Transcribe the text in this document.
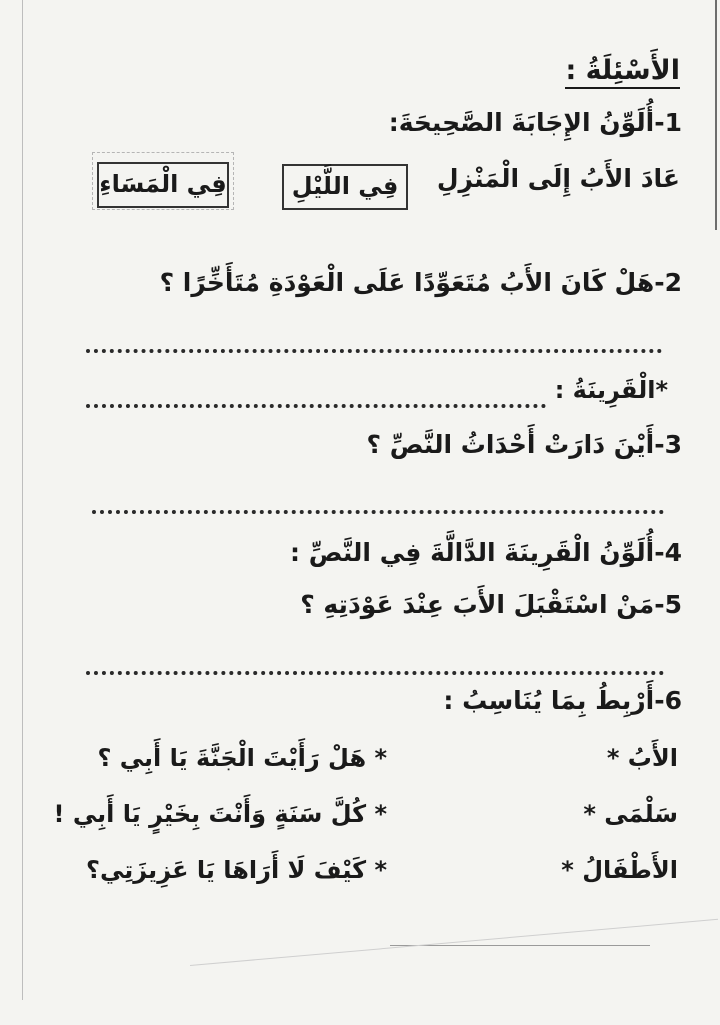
الأَسْئِلَةُ :
1-أُلَوِّنُ الإِجَابَةَ الصَّحِيحَةَ:
عَادَ الأَبُ إِلَى الْمَنْزِلِ
فِي اللَّيْلِ
فِي الْمَسَاءِ
2-هَلْ كَانَ الأَبُ مُتَعَوِّدًا عَلَى الْعَوْدَةِ مُتَأَخِّرًا ؟
*الْقَرِينَةُ :
3-أَيْنَ دَارَتْ أَحْدَاثُ النَّصِّ ؟
4-أُلَوِّنُ الْقَرِينَةَ الدَّالَّةَ فِي النَّصِّ :
5-مَنْ اسْتَقْبَلَ الأَبَ عِنْدَ عَوْدَتِهِ ؟
6-أَرْبِطُ بِمَا يُنَاسِبُ :
الأَبُ *
سَلْمَى *
الأَطْفَالُ *
* هَلْ رَأَيْتَ الْجَنَّةَ يَا أَبِي ؟
* كُلَّ سَنَةٍ وَأَنْتَ بِخَيْرٍ يَا أَبِي !
* كَيْفَ لَا أَرَاهَا يَا عَزِيزَتِي؟
